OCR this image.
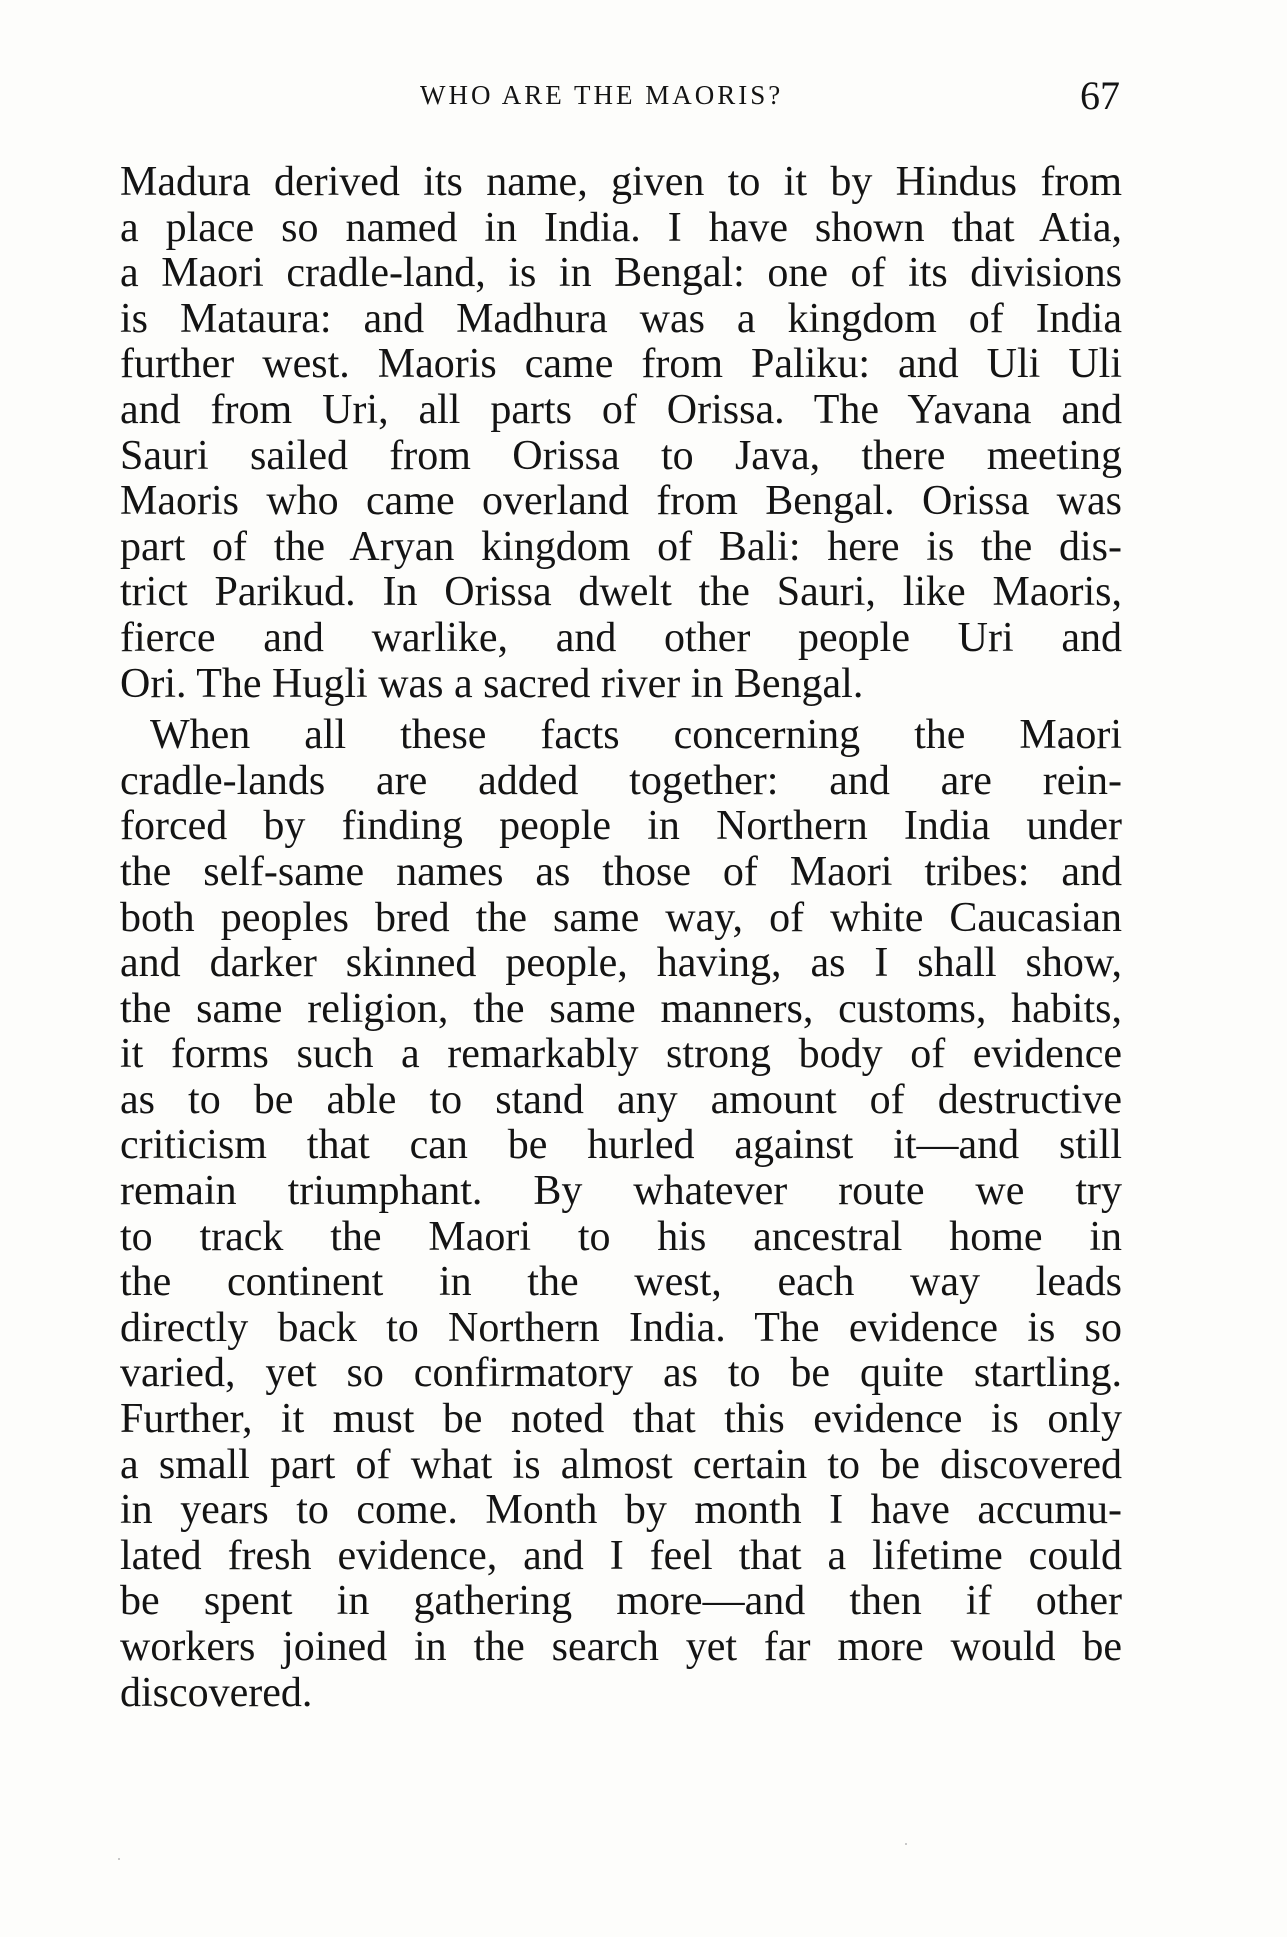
WHO ARE THE MAORIS?	67
Madura derived its name, given to it by Hindus from
a place so named in India. I have shown that Atia,
a Maori cradle-land, is in Bengal: one of its divisions
is Mataura: and Madhura was a kingdom of India
further west. Maoris came from Paliku: and Uli Uli
and from Uri, all parts of Orissa. The Yavana and
Sauri sailed from Orissa to Java, there meeting
Maoris who came overland from Bengal. Orissa was
part of the Aryan kingdom of Bali: here is the dis-
trict Parikud. In Orissa dwelt the Sauri, like Maoris,
fierce and warlike, and other people Uri and
Ori. The Hugli was a sacred river in Bengal.
When all these facts concerning the Maori
cradle-lands are added together: and are rein-
forced by finding people in Northern India under
the self-same names as those of Maori tribes: and
both peoples bred the same way, of white Caucasian
and darker skinned people, having, as I shall show,
the same religion, the same manners, customs, habits,
it forms such a remarkably strong body of evidence
as to be able to stand any amount of destructive
criticism that can be hurled against it—and still
remain triumphant. By whatever route we try
to track the Maori to his ancestral home in
the continent in the west, each way leads
directly back to Northern India. The evidence is so
varied, yet so confirmatory as to be quite startling.
Further, it must be noted that this evidence is only
a small part of what is almost certain to be discovered
in years to come. Month by month I have accumu-
lated fresh evidence, and I feel that a lifetime could
be spent in gathering more—and then if other
workers joined in the search yet far more would be
discovered.
